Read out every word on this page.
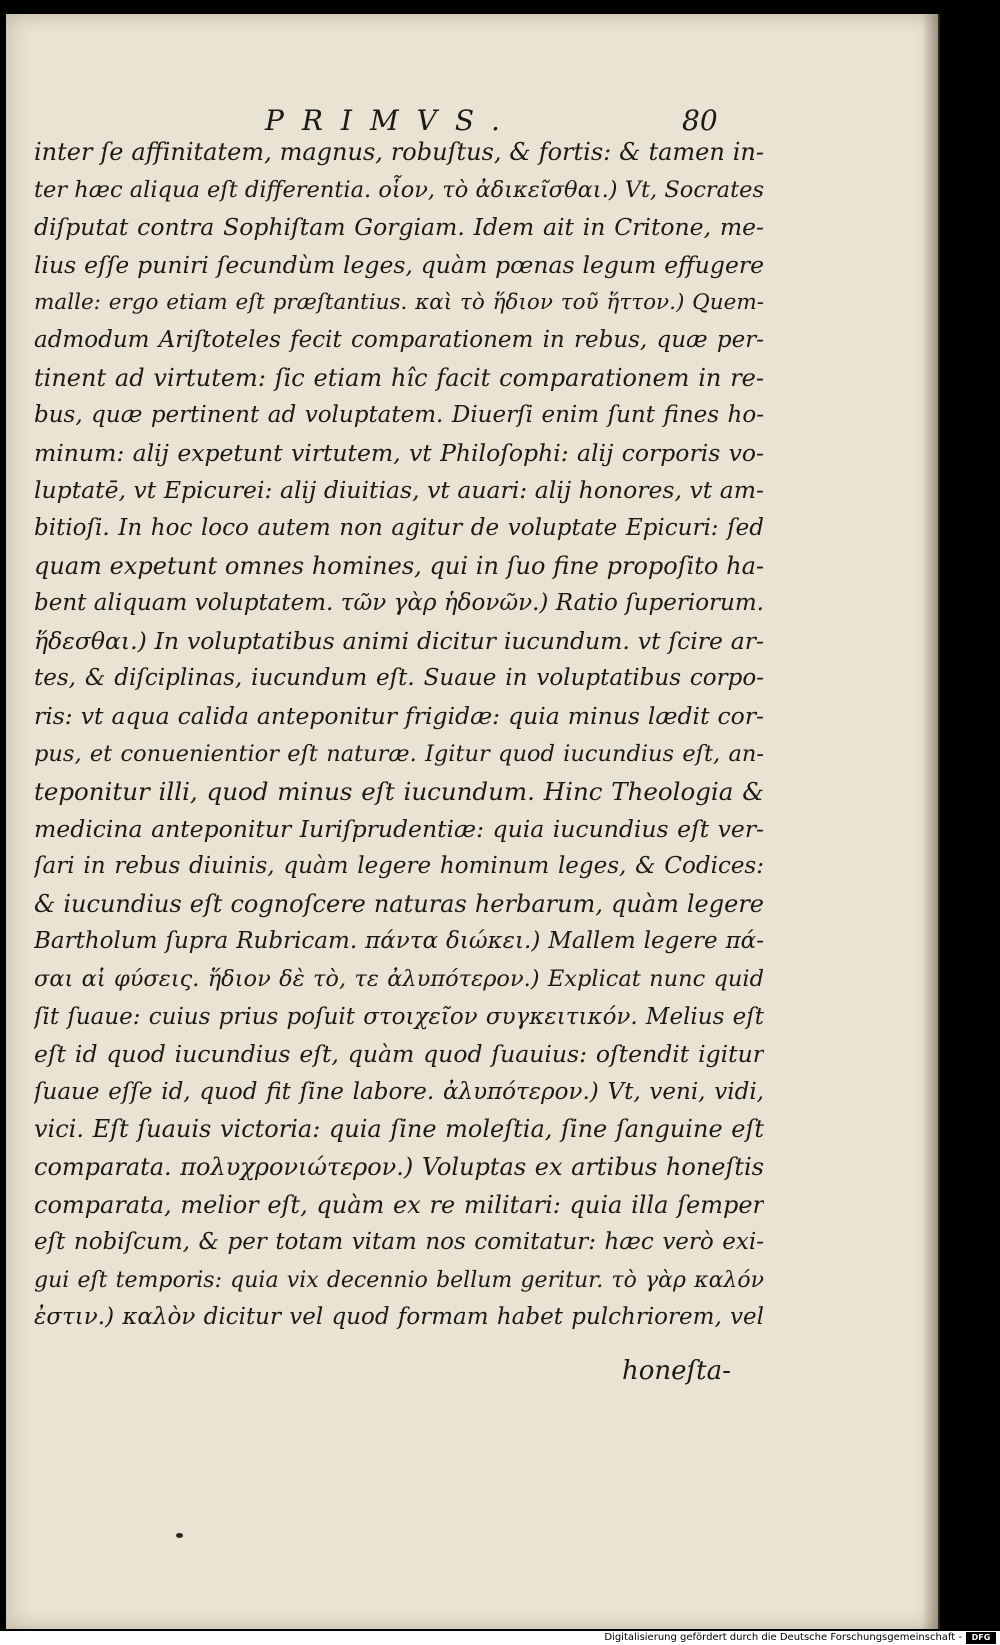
PRIMVS.	80
inter ſe affinitatem, magnus, robuſtus, & fortis: & tamen in-
ter hæc aliqua eſt differentia. οἷον, τὸ ἀδικεῖσθαι.) Vt, Socrates
diſputat contra Sophiſtam Gorgiam. Idem ait in Critone, me-
lius eſſe puniri ſecundùm leges, quàm pœnas legum effugere
malle: ergo etiam eſt præſtantius. καὶ τὸ ἥδιον τοῦ ἥττον.) Quem-
admodum Ariſtoteles fecit comparationem in rebus, quæ per-
tinent ad virtutem: ſic etiam hîc facit comparationem in re-
bus, quæ pertinent ad voluptatem. Diuerſi enim ſunt fines ho-
minum: alij expetunt virtutem, vt Philoſophi: alij corporis vo-
luptatē, vt Epicurei: alij diuitias, vt auari: alij honores, vt am-
bitioſi. In hoc loco autem non agitur de voluptate Epicuri: ſed
quam expetunt omnes homines, qui in ſuo fine propoſito ha-
bent aliquam voluptatem. τῶν γὰρ ἡδονῶν.) Ratio ſuperiorum.
ἥδεσθαι.) In voluptatibus animi dicitur iucundum. vt ſcire ar-
tes, & diſciplinas, iucundum eſt. Suaue in voluptatibus corpo-
ris: vt aqua calida anteponitur frigidæ: quia minus lædit cor-
pus, et conuenientior eſt naturæ. Igitur quod iucundius eſt, an-
teponitur illi, quod minus eſt iucundum. Hinc Theologia &
medicina anteponitur Iuriſprudentiæ: quia iucundius eſt ver-
ſari in rebus diuinis, quàm legere hominum leges, & Codices:
& iucundius eſt cognoſcere naturas herbarum, quàm legere
Bartholum ſupra Rubricam. πάντα διώκει.) Mallem legere πά-
σαι αἱ φύσεις. ἥδιον δὲ τὸ, τε ἀλυπότερον.) Explicat nunc quid
ſit ſuaue: cuius prius poſuit στοιχεῖον συγκειτικόν. Melius eſt
eſt id quod iucundius eſt, quàm quod ſuauius: oſtendit igitur
ſuaue eſſe id, quod fit ſine labore. ἀλυπότερον.) Vt, veni, vidi,
vici. Eſt ſuauis victoria: quia ſine moleſtia, ſine ſanguine eſt
comparata. πολυχρονιώτερον.) Voluptas ex artibus honeſtis
comparata, melior eſt, quàm ex re militari: quia illa ſemper
eſt nobiſcum, & per totam vitam nos comitatur: hæc verò exi-
gui eſt temporis: quia vix decennio bellum geritur. τὸ γὰρ καλόν
ἐστιν.) καλὸν dicitur vel quod formam habet pulchriorem, vel
honeſta-
Digitalisierung gefördert durch die Deutsche Forschungsgemeinschaft -	DFG
